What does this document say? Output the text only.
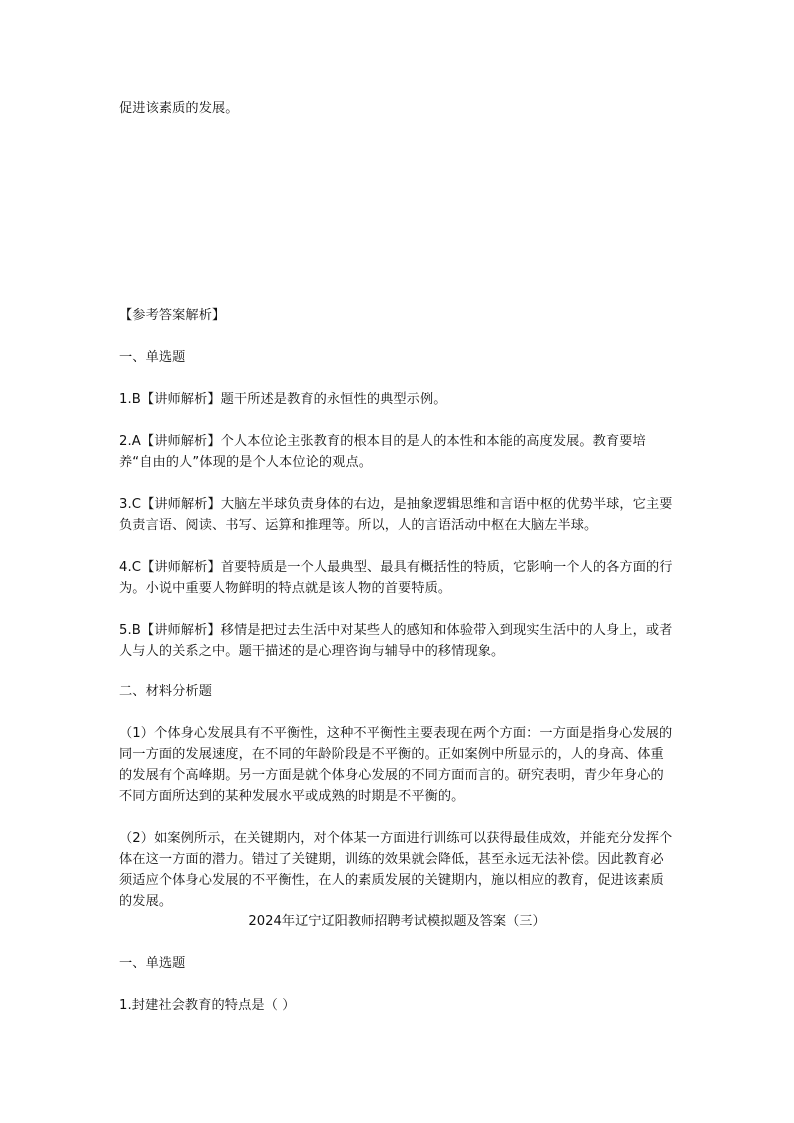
促进该素质的发展。

【参考答案解析】

一、单选题

1.B【讲师解析】题干所述是教育的永恒性的典型示例。

2.A【讲师解析】个人本位论主张教育的根本目的是人的本性和本能的高度发展。教育要培养“自由的人”体现的是个人本位论的观点。

3.C【讲师解析】大脑左半球负责身体的右边，是抽象逻辑思维和言语中枢的优势半球，它主要负责言语、阅读、书写、运算和推理等。所以，人的言语活动中枢在大脑左半球。

4.C【讲师解析】首要特质是一个人最典型、最具有概括性的特质，它影响一个人的各方面的行为。小说中重要人物鲜明的特点就是该人物的首要特质。

5.B【讲师解析】移情是把过去生活中对某些人的感知和体验带入到现实生活中的人身上，或者人与人的关系之中。题干描述的是心理咨询与辅导中的移情现象。

二、材料分析题

（1）个体身心发展具有不平衡性，这种不平衡性主要表现在两个方面：一方面是指身心发展的同一方面的发展速度，在不同的年龄阶段是不平衡的。正如案例中所显示的，人的身高、体重的发展有个高峰期。另一方面是就个体身心发展的不同方面而言的。研究表明，青少年身心的不同方面所达到的某种发展水平或成熟的时期是不平衡的。

（2）如案例所示，在关键期内，对个体某一方面进行训练可以获得最佳成效，并能充分发挥个体在这一方面的潜力。错过了关键期，训练的效果就会降低，甚至永远无法补偿。因此教育必须适应个体身心发展的不平衡性，在人的素质发展的关键期内，施以相应的教育，促进该素质的发展。

2024年辽宁辽阳教师招聘考试模拟题及答案（三）

一、单选题

1.封建社会教育的特点是（ ）
